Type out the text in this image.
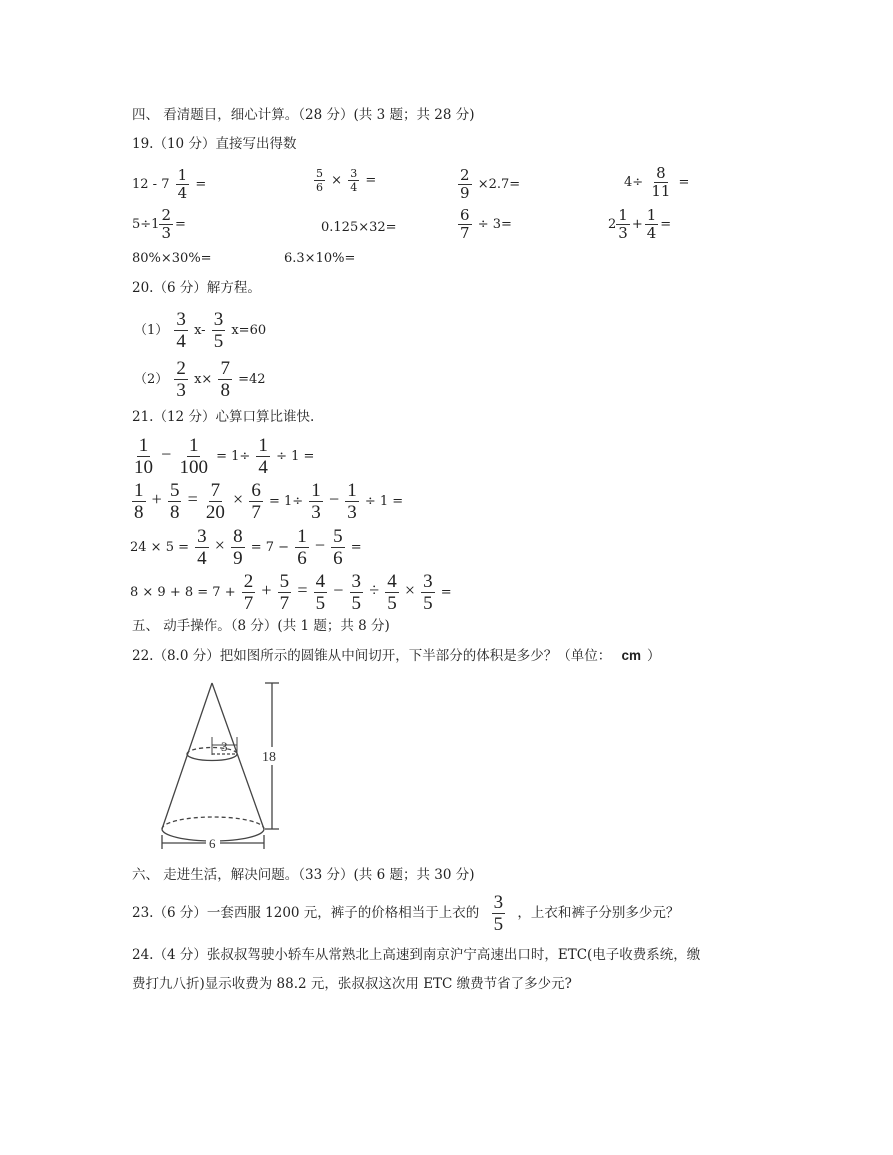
四、 看清题目，细心计算。（28 分）(共 3 题；共 28 分)
19.（10 分）直接写出得数
$12 - 7 \frac{1}{4}$ =	$\frac{5}{6} \times \frac{3}{4}$ =	$\frac{2}{9} \times 2.7=$	$4\div \frac{8}{11}$ =
$5\div 1 \frac{2}{3}$ =	0.125×32=	$\frac{6}{7} \div 3=$	$2 \frac{1}{3} + \frac{1}{4}$ =
80%×30%=	6.3×10%=
20.（6 分）解方程。
$(1) \frac{3}{4} x- \frac{3}{5} x=60$
$(2) \frac{2}{3} x\times \frac{7}{8} =42$
21.（12 分）心算口算比谁快.
$\frac{1}{10} - \frac{1}{100} = 1\div \frac{1}{4} \div 1$ =
$\frac{1}{8} + \frac{5}{8} = \frac{7}{20} \times \frac{6}{7} = 1\div \frac{1}{3} - \frac{1}{3} \div 1$ =
$24 \times 5 = \frac{3}{4} \times \frac{8}{9} = 7 - \frac{1}{6} - \frac{5}{6}$ =
$8 \times 9 + 8 = 7 + \frac{2}{7} + \frac{5}{7} = \frac{4}{5} - \frac{3}{5} \div \frac{4}{5} \times \frac{3}{5}$ =
五、 动手操作。（8 分）(共 1 题；共 8 分)
22.（8.0 分）把如图所示的圆锥从中间切开，下半部分的体积是多少？（单位： cm ）
18
3
6
六、 走进生活，解决问题。（33 分）(共 6 题；共 30 分)
23.（6 分）一套西服 1200 元，裤子的价格相当于上衣的 $\frac{3}{5}$ ，上衣和裤子分别多少元？
24.（4 分）张叔叔驾驶小轿车从常熟北上高速到南京沪宁高速出口时，ETC(电子收费系统，缴
费打九八折)显示收费为 88.2 元，张叔叔这次用 ETC 缴费节省了多少元?
